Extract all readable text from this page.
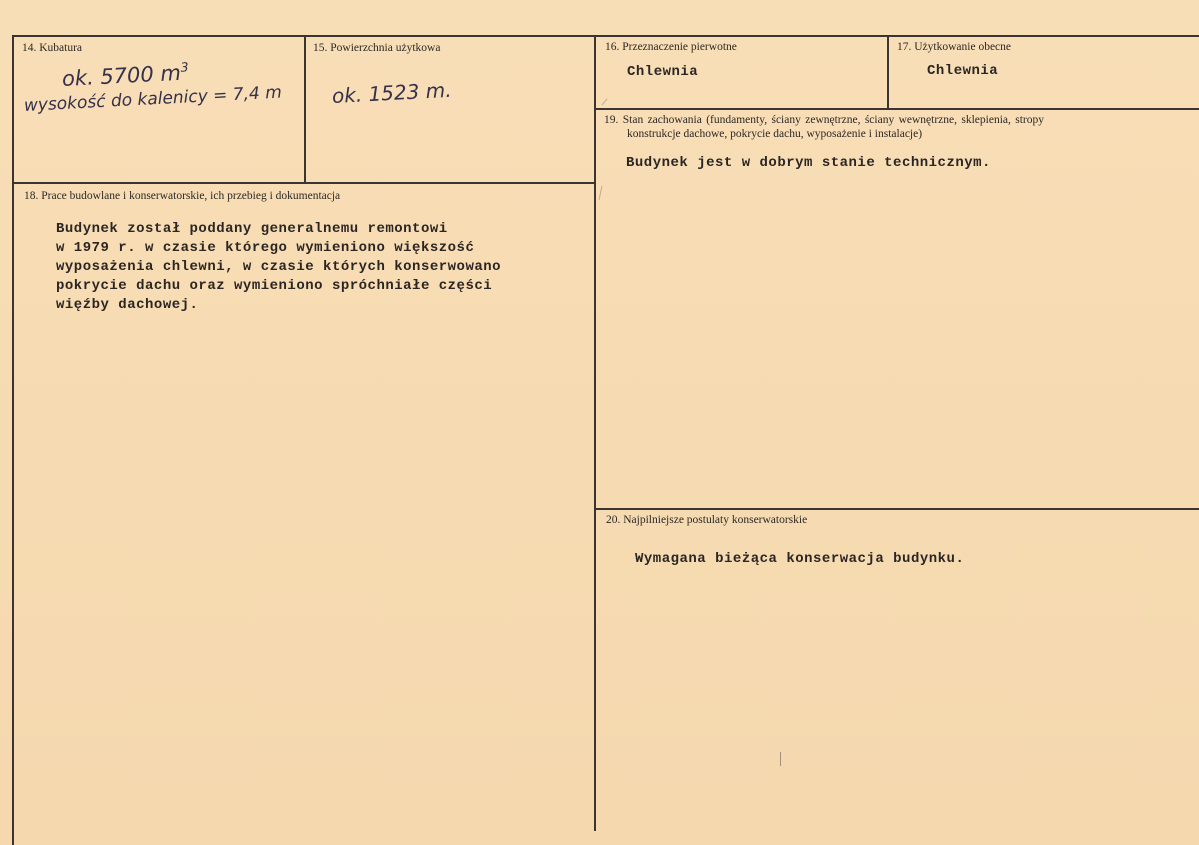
14. Kubatura
ok. 5700 $m^3$
wysokość do kalenicy = 7,4 m
15. Powierzchnia użytkowa
ok. 1523 m.
16. Przeznaczenie pierwotne
Chlewnia
17. Użytkowanie obecne
Chlewnia
18. Prace budowlane i konserwatorskie, ich przebieg i dokumentacja
Budynek został poddany generalnemu remontowi
w 1979 r. w czasie którego wymieniono większość
wyposażenia chlewni, w czasie których konserwowano
pokrycie dachu oraz wymieniono spróchniałe części
więźby dachowej.
19. Stan zachowania (fundamenty, ściany zewnętrzne, ściany wewnętrzne, sklepienia, stropy
konstrukcje dachowe, pokrycie dachu, wyposażenie i instalacje)
Budynek jest w dobrym stanie technicznym.
20. Najpilniejsze postulaty konserwatorskie
Wymagana bieżąca konserwacja budynku.
